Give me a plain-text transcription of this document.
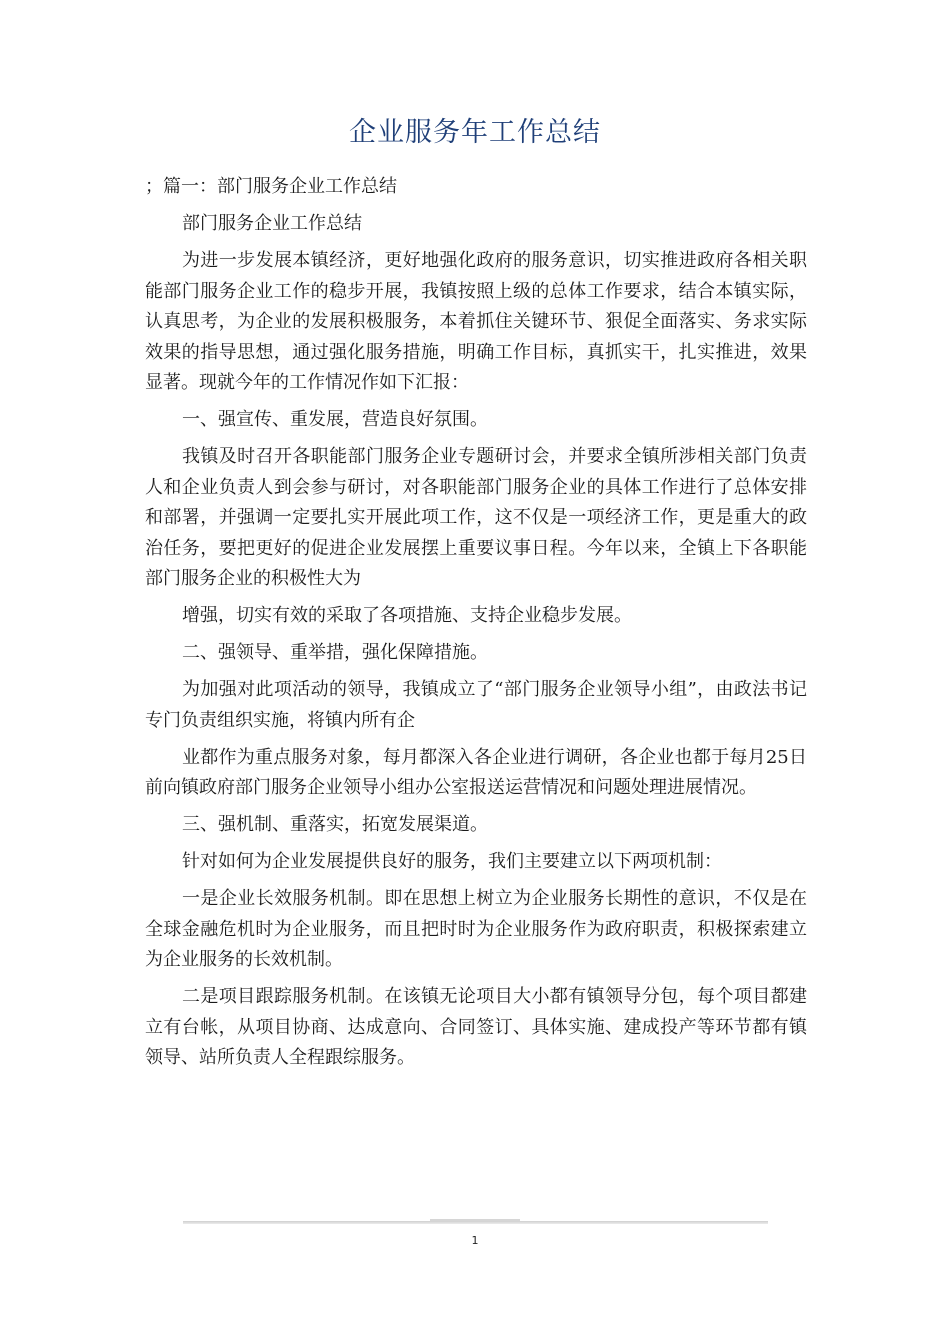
企业服务年工作总结

；篇一：部门服务企业工作总结

部门服务企业工作总结

为进一步发展本镇经济，更好地强化政府的服务意识，切实推进政府各相关职能部门服务企业工作的稳步开展，我镇按照上级的总体工作要求，结合本镇实际，认真思考，为企业的发展积极服务，本着抓住关键环节、狠促全面落实、务求实际效果的指导思想，通过强化服务措施，明确工作目标，真抓实干，扎实推进，效果显著。现就今年的工作情况作如下汇报：

一、强宣传、重发展，营造良好氛围。

我镇及时召开各职能部门服务企业专题研讨会，并要求全镇所涉相关部门负责人和企业负责人到会参与研讨，对各职能部门服务企业的具体工作进行了总体安排和部署，并强调一定要扎实开展此项工作，这不仅是一项经济工作，更是重大的政治任务，要把更好的促进企业发展摆上重要议事日程。今年以来，全镇上下各职能部门服务企业的积极性大为

增强，切实有效的采取了各项措施、支持企业稳步发展。

二、强领导、重举措，强化保障措施。

为加强对此项活动的领导，我镇成立了“部门服务企业领导小组”，由政法书记专门负责组织实施，将镇内所有企

业都作为重点服务对象，每月都深入各企业进行调研，各企业也都于每月25日前向镇政府部门服务企业领导小组办公室报送运营情况和问题处理进展情况。

三、强机制、重落实，拓宽发展渠道。

针对如何为企业发展提供良好的服务，我们主要建立以下两项机制：

一是企业长效服务机制。即在思想上树立为企业服务长期性的意识，不仅是在全球金融危机时为企业服务，而且把时时为企业服务作为政府职责，积极探索建立为企业服务的长效机制。

二是项目跟踪服务机制。在该镇无论项目大小都有镇领导分包，每个项目都建立有台帐，从项目协商、达成意向、合同签订、具体实施、建成投产等环节都有镇领导、站所负责人全程跟综服务。

1
